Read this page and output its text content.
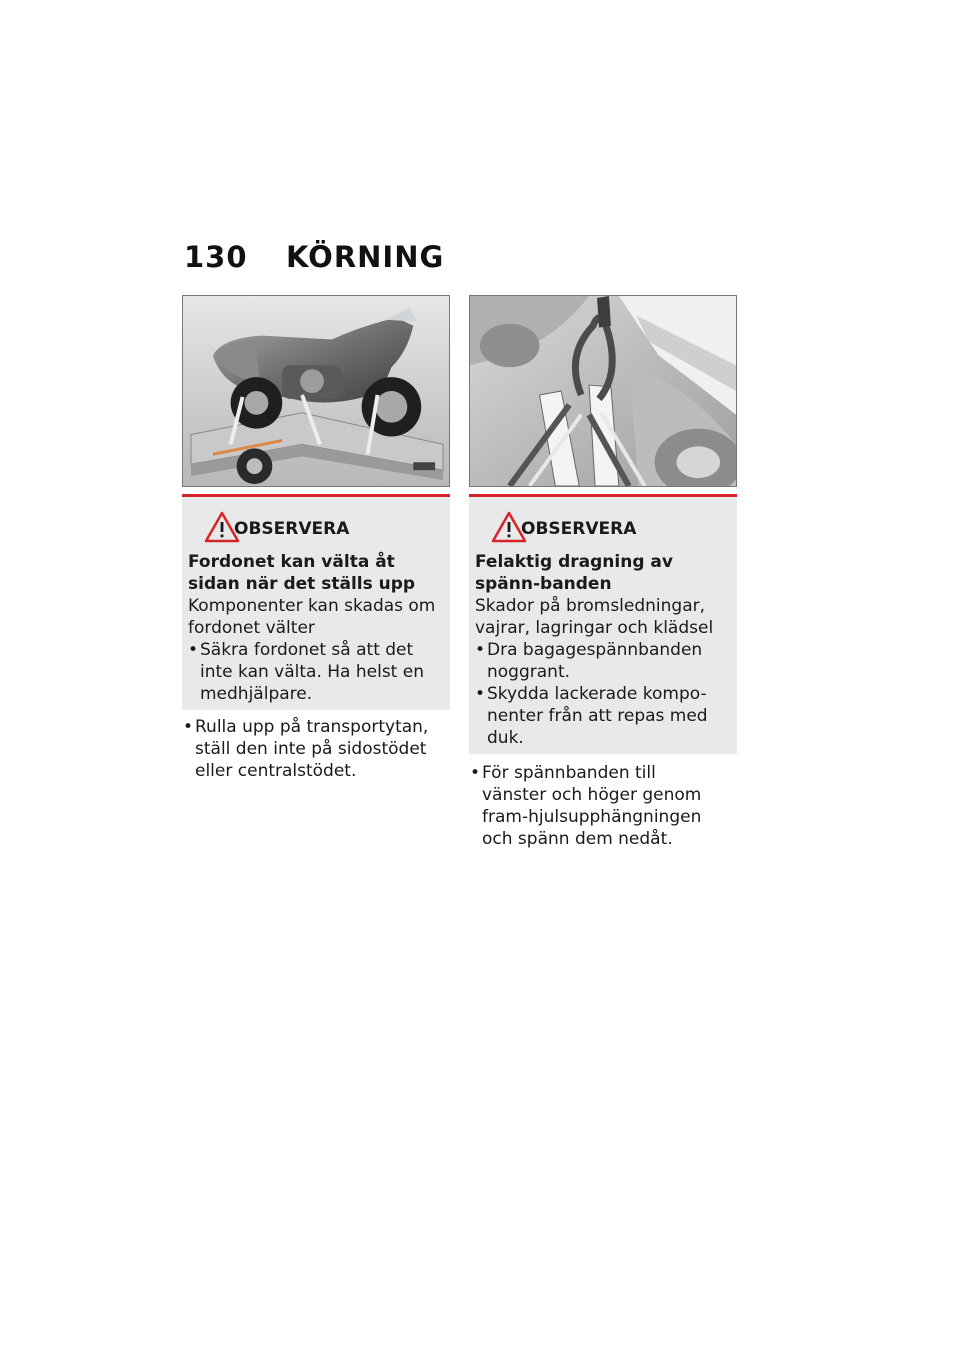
130 KÖRNING
OBSERVERA
Fordonet kan välta åt sidan när det ställs upp
Komponenter kan skadas om fordonet välter
• Säkra fordonet så att det inte kan välta. Ha helst en medhjälpare.
• Rulla upp på transportytan, ställ den inte på sidostödet eller centralstödet.
OBSERVERA
Felaktig dragning av spänn-banden
Skador på bromsledningar, vajrar, lagringar och klädsel
• Dra bagagespännbanden noggrant.
• Skydda lackerade kompo-nenter från att repas med duk.
• För spännbanden till vänster och höger genom fram-hjulsupphängningen och spänn dem nedåt.
